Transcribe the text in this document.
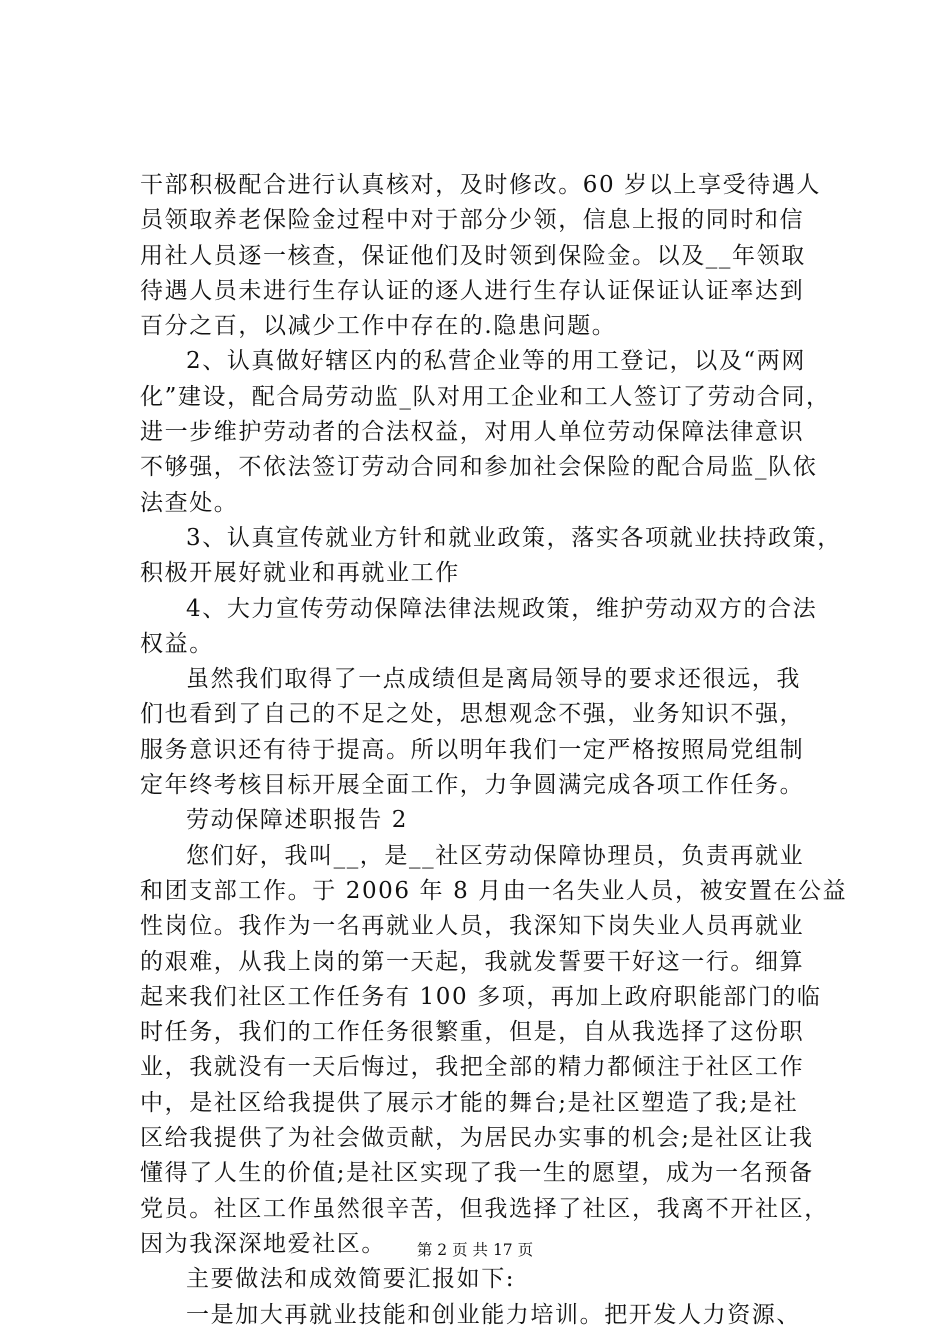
干部积极配合进行认真核对，及时修改。60 岁以上享受待遇人
员领取养老保险金过程中对于部分少领，信息上报的同时和信
用社人员逐一核查，保证他们及时领到保险金。以及__年领取
待遇人员未进行生存认证的逐人进行生存认证保证认证率达到
百分之百，以减少工作中存在的.隐患问题。
2、认真做好辖区内的私营企业等的用工登记，以及“两网
化”建设，配合局劳动监_队对用工企业和工人签订了劳动合同，
进一步维护劳动者的合法权益，对用人单位劳动保障法律意识
不够强，不依法签订劳动合同和参加社会保险的配合局监_队依
法查处。
3、认真宣传就业方针和就业政策，落实各项就业扶持政策，
积极开展好就业和再就业工作
4、大力宣传劳动保障法律法规政策，维护劳动双方的合法
权益。
虽然我们取得了一点成绩但是离局领导的要求还很远，我
们也看到了自己的不足之处，思想观念不强，业务知识不强，
服务意识还有待于提高。所以明年我们一定严格按照局党组制
定年终考核目标开展全面工作，力争圆满完成各项工作任务。
劳动保障述职报告 2
您们好，我叫__，是__社区劳动保障协理员，负责再就业
和团支部工作。于 2006 年 8 月由一名失业人员，被安置在公益
性岗位。我作为一名再就业人员，我深知下岗失业人员再就业
的艰难，从我上岗的第一天起，我就发誓要干好这一行。细算
起来我们社区工作任务有 100 多项，再加上政府职能部门的临
时任务，我们的工作任务很繁重，但是，自从我选择了这份职
业，我就没有一天后悔过，我把全部的精力都倾注于社区工作
中，是社区给我提供了展示才能的舞台;是社区塑造了我;是社
区给我提供了为社会做贡献，为居民办实事的机会;是社区让我
懂得了人生的价值;是社区实现了我一生的愿望，成为一名预备
党员。社区工作虽然很辛苦，但我选择了社区，我离不开社区，
因为我深深地爱社区。
主要做法和成效简要汇报如下:
一是加大再就业技能和创业能力培训。把开发人力资源、
第 2 页 共 17 页
